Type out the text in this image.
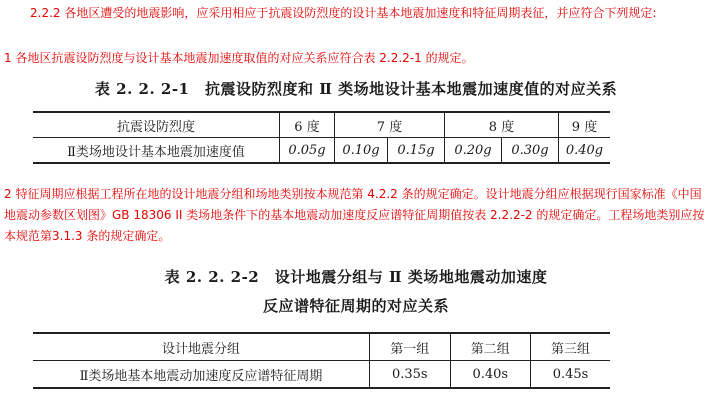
2.2.2 各地区遭受的地震影响，应采用相应于抗震设防烈度的设计基本地震加速度和特征周期表征，并应符合下列规定:

1 各地区抗震设防烈度与设计基本地震加速度取值的对应关系应符合表 2.2.2-1 的规定。

表 2. 2. 2-1　抗震设防烈度和 Ⅱ 类场地设计基本地震加速度值的对应关系

抗震设防烈度	6 度	7 度		8 度		9 度
Ⅱ类场地设计基本地震加速度值	0.05g	0.10g	0.15g	0.20g	0.30g	0.40g

2 特征周期应根据工程所在地的设计地震分组和场地类别按本规范第 4.2.2 条的规定确定。设计地震分组应根据现行国家标准《中国地震动参数区划图》GB 18306 II 类场地条件下的基本地震动加速度反应谱特征周期值按表 2.2.2-2 的规定确定。工程场地类别应按本规范第3.1.3 条的规定确定。

表 2. 2. 2-2　设计地震分组与 Ⅱ 类场地地震动加速度

反应谱特征周期的对应关系

设计地震分组	第一组	第二组	第三组
Ⅱ类场地基本地震动加速度反应谱特征周期	0.35s	0.40s	0.45s
